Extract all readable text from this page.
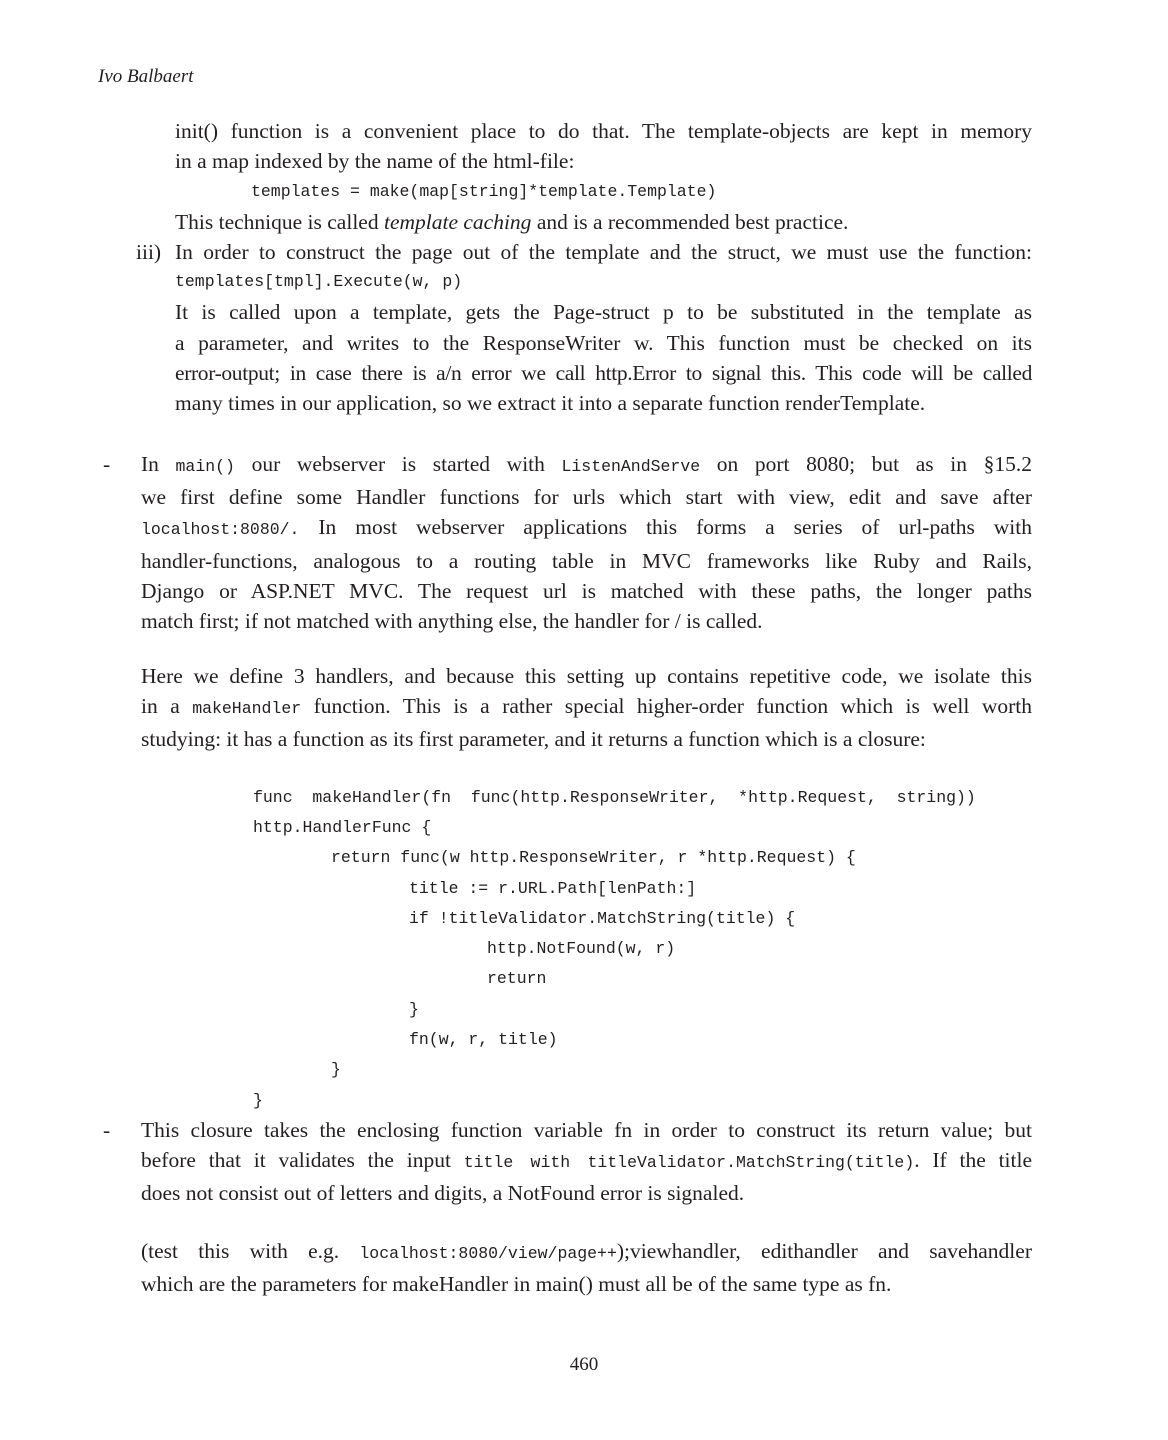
Ivo Balbaert
init() function is a convenient place to do that. The template-objects are kept in memory
in a map indexed by the name of the html-file:
templates = make(map[string]*template.Template)
This technique is called template caching and is a recommended best practice.
iii) In order to construct the page out of the template and the struct, we must use the function:
templates[tmpl].Execute(w, p)
It is called upon a template, gets the Page-struct p to be substituted in the template as
a parameter, and writes to the ResponseWriter w. This function must be checked on its
error-output; in case there is a/n error we call http.Error to signal this. This code will be called
many times in our application, so we extract it into a separate function renderTemplate.
- In main() our webserver is started with ListenAndServe on port 8080; but as in §15.2
we first define some Handler functions for urls which start with view, edit and save after
localhost:8080/. In most webserver applications this forms a series of url-paths with
handler-functions, analogous to a routing table in MVC frameworks like Ruby and Rails,
Django or ASP.NET MVC. The request url is matched with these paths, the longer paths
match first; if not matched with anything else, the handler for / is called.
Here we define 3 handlers, and because this setting up contains repetitive code, we isolate this
in a makeHandler function. This is a rather special higher-order function which is well worth
studying: it has a function as its first parameter, and it returns a function which is a closure:
func  makeHandler(fn  func(http.ResponseWriter,  *http.Request,  string))
http.HandlerFunc {
return func(w http.ResponseWriter, r *http.Request) {
title := r.URL.Path[lenPath:]
if !titleValidator.MatchString(title) {
http.NotFound(w, r)
return
}
fn(w, r, title)
}
}
- This closure takes the enclosing function variable fn in order to construct its return value; but
before that it validates the input title with titleValidator.MatchString(title). If the title
does not consist out of letters and digits, a NotFound error is signaled.
(test this with e.g. localhost:8080/view/page++);viewhandler, edithandler and savehandler
which are the parameters for makeHandler in main() must all be of the same type as fn.
460
